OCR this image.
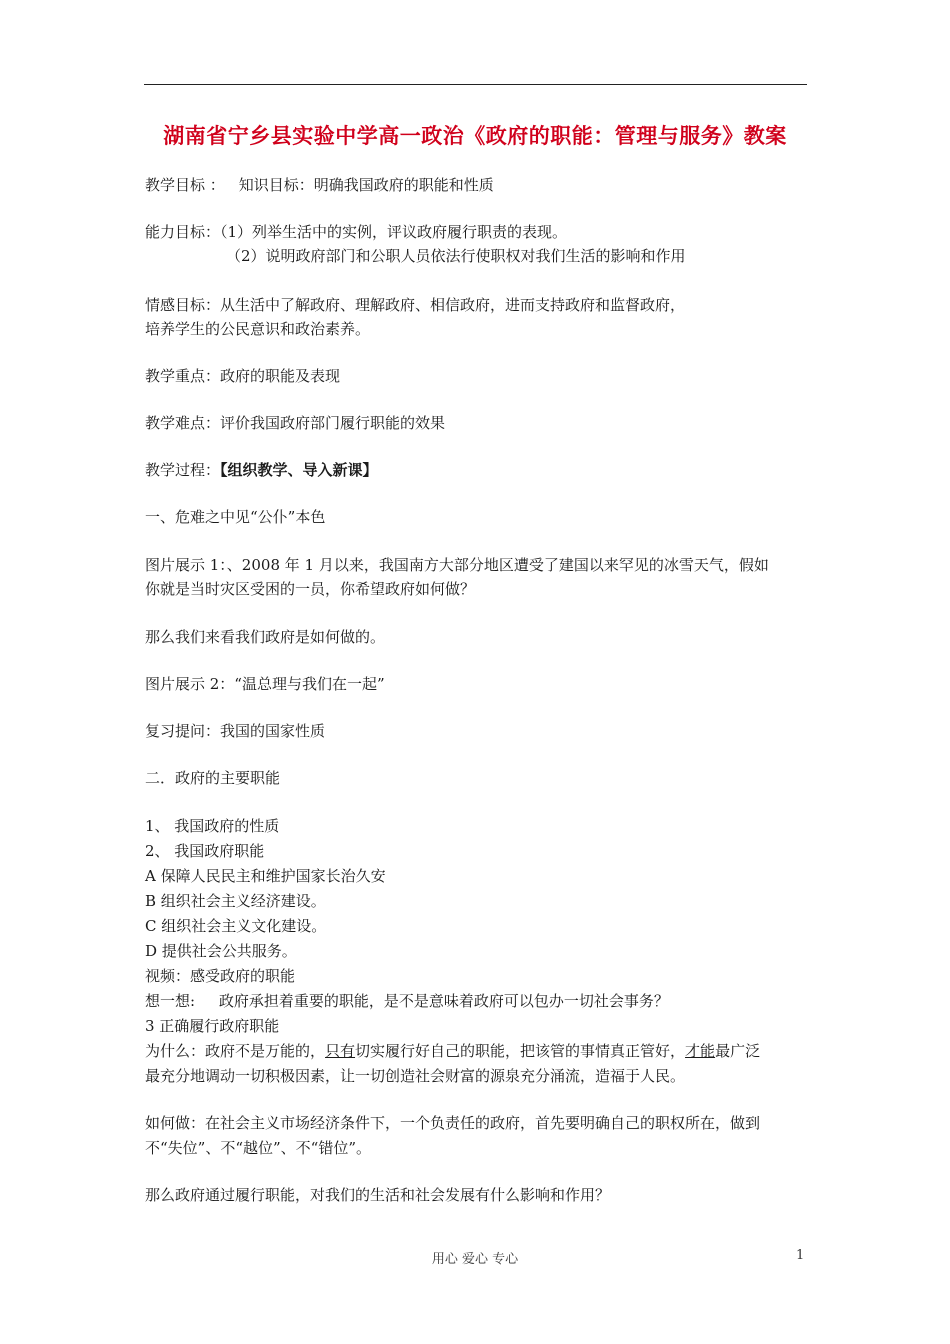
湖南省宁乡县实验中学高一政治《政府的职能：管理与服务》教案
教学目标 ： 知识目标：明确我国政府的职能和性质
能力目标：（1）列举生活中的实例，评议政府履行职责的表现。
（2）说明政府部门和公职人员依法行使职权对我们生活的影响和作用
情感目标：从生活中了解政府、理解政府、相信政府，进而支持政府和监督政府，
培养学生的公民意识和政治素养。
教学重点：政府的职能及表现
教学难点：评价我国政府部门履行职能的效果
教学过程：【组织教学、导入新课】
一、危难之中见“公仆”本色
图片展示 1：、2008 年 1 月以来，我国南方大部分地区遭受了建国以来罕见的冰雪天气，假如
你就是当时灾区受困的一员，你希望政府如何做？
那么我们来看我们政府是如何做的。
图片展示 2：“温总理与我们在一起”
复习提问：我国的国家性质
二．政府的主要职能
1、 我国政府的性质
2、 我国政府职能
A 保障人民民主和维护国家长治久安
B 组织社会主义经济建设。
C 组织社会主义文化建设。
D 提供社会公共服务。
视频：感受政府的职能
想一想:     政府承担着重要的职能，是不是意味着政府可以包办一切社会事务？
3 正确履行政府职能
为什么：政府不是万能的，只有切实履行好自己的职能，把该管的事情真正管好，才能最广泛
最充分地调动一切积极因素，让一切创造社会财富的源泉充分涌流，造福于人民。
如何做：在社会主义市场经济条件下，一个负责任的政府，首先要明确自己的职权所在，做到
不“失位”、不“越位”、不“错位”。
那么政府通过履行职能，对我们的生活和社会发展有什么影响和作用？
用心 爱心 专心	1
